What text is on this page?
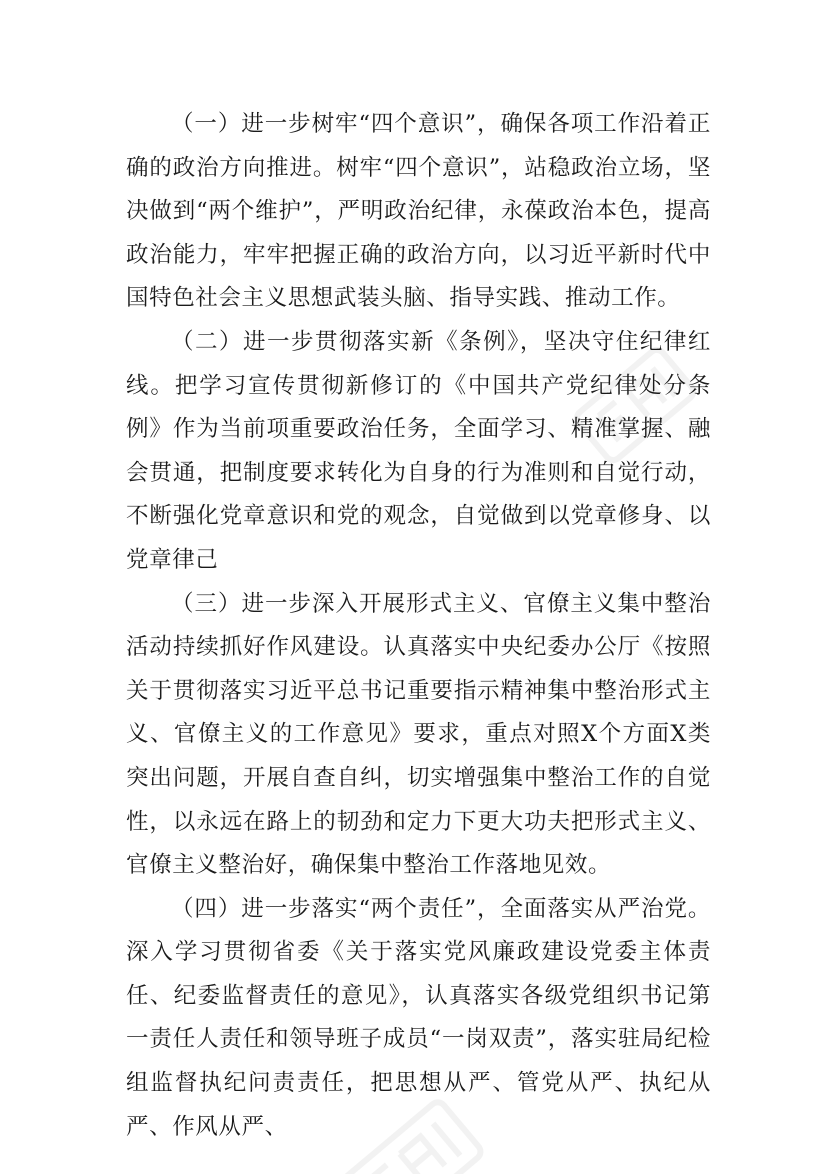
（一）进一步树牢“四个意识”，确保各项工作沿着正确的政治方向推进。树牢“四个意识”，站稳政治立场，坚决做到“两个维护”，严明政治纪律，永葆政治本色，提高政治能力，牢牢把握正确的政治方向，以习近平新时代中国特色社会主义思想武装头脑、指导实践、推动工作。

（二）进一步贯彻落实新《条例》，坚决守住纪律红线。把学习宣传贯彻新修订的《中国共产党纪律处分条例》作为当前项重要政治任务，全面学习、精准掌握、融会贯通，把制度要求转化为自身的行为准则和自觉行动，不断强化党章意识和党的观念，自觉做到以党章修身、以党章律己

（三）进一步深入开展形式主义、官僚主义集中整治活动持续抓好作风建设。认真落实中央纪委办公厅《按照关于贯彻落实习近平总书记重要指示精神集中整治形式主义、官僚主义的工作意见》要求，重点对照X个方面X类突出问题，开展自查自纠，切实增强集中整治工作的自觉性，以永远在路上的韧劲和定力下更大功夫把形式主义、官僚主义整治好，确保集中整治工作落地见效。

（四）进一步落实“两个责任”，全面落实从严治党。深入学习贯彻省委《关于落实党风廉政建设党委主体责任、纪委监督责任的意见》，认真落实各级党组织书记第一责任人责任和领导班子成员“一岗双责”，落实驻局纪检组监督执纪问责责任，把思想从严、管党从严、执纪从严、作风从严、
